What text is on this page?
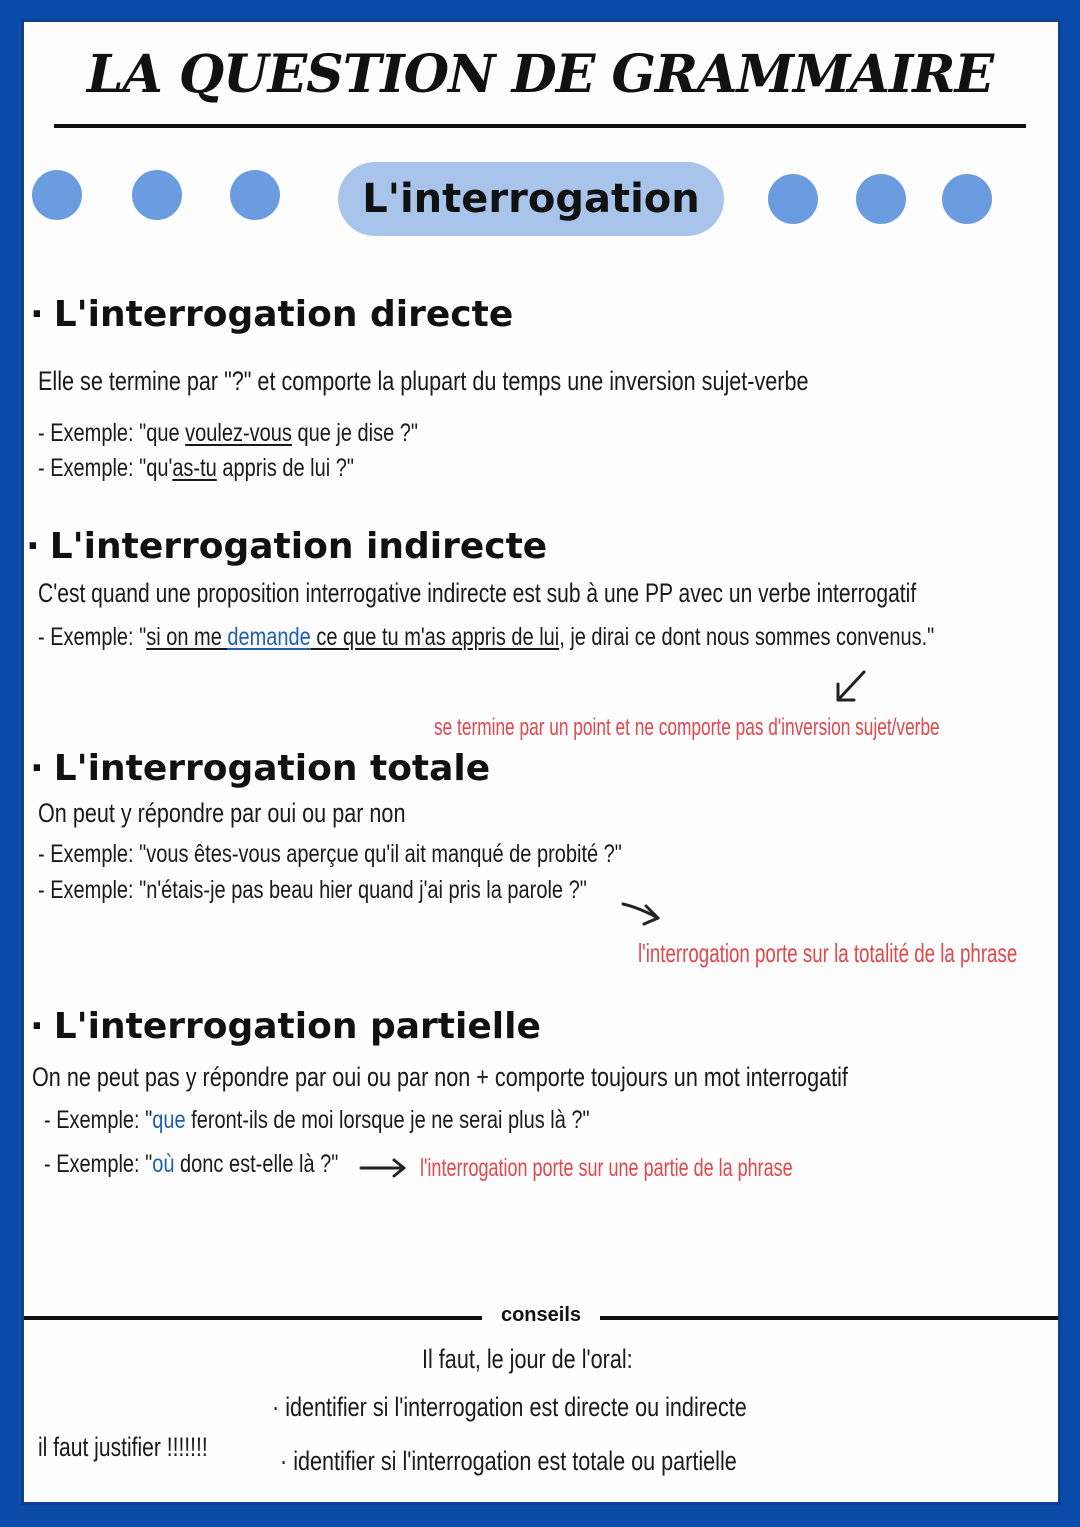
LA QUESTION DE GRAMMAIRE
L'interrogation
· L'interrogation directe
Elle se termine par "?" et comporte la plupart du temps une inversion sujet-verbe
- Exemple: "que voulez-vous que je dise ?"
- Exemple: "qu'as-tu appris de lui ?"
· L'interrogation indirecte
C'est quand une proposition interrogative indirecte est sub à une PP avec un verbe interrogatif
- Exemple: "si on me demande ce que tu m'as appris de lui, je dirai ce dont nous sommes convenus."
se termine par un point et ne comporte pas d'inversion sujet/verbe
· L'interrogation totale
On peut y répondre par oui ou par non
- Exemple: "vous êtes-vous aperçue qu'il ait manqué de probité ?"
- Exemple: "n'étais-je pas beau hier quand j'ai pris la parole ?"
l'interrogation porte sur la totalité de la phrase
· L'interrogation partielle
On ne peut pas y répondre par oui ou par non + comporte toujours un mot interrogatif
- Exemple: "que feront-ils de moi lorsque je ne serai plus là ?"
- Exemple: "où donc est-elle là ?"	l'interrogation porte sur une partie de la phrase
conseils
Il faut, le jour de l'oral:
· identifier si l'interrogation est directe ou indirecte
· identifier si l'interrogation est totale ou partielle
il faut justifier !!!!!!!
